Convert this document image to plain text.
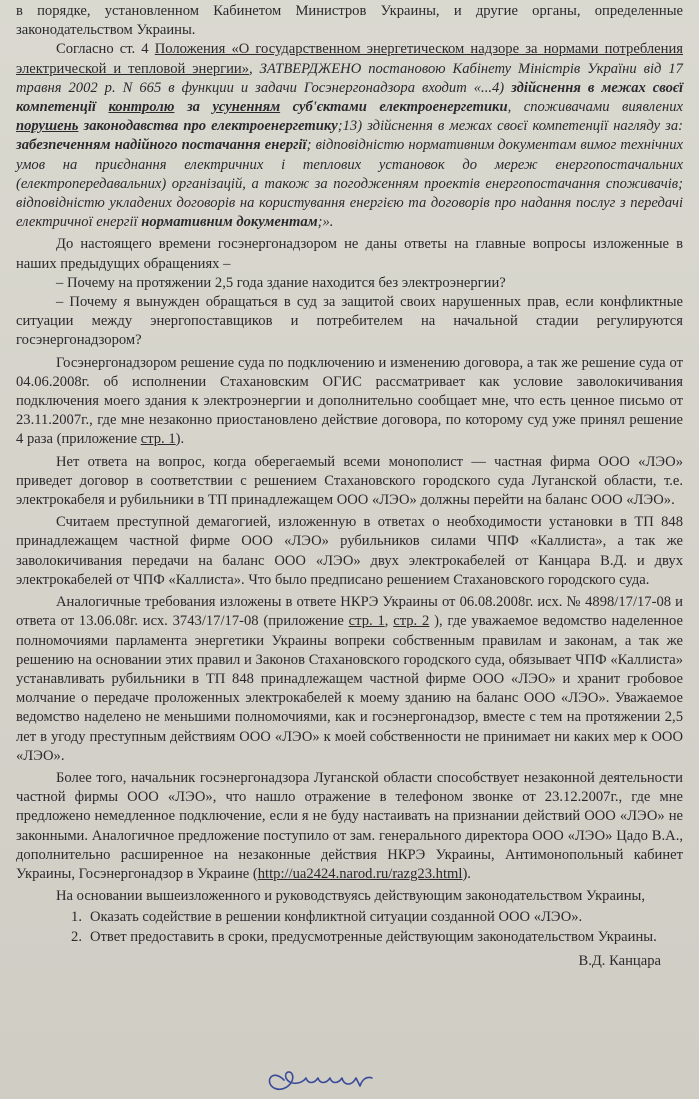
в порядке, установленном Кабинетом Министров Украины, и другие органы, определенные законодательством Украины.

Согласно ст. 4 Положения «О государственном энергетическом надзоре за нормами потребления электрической и тепловой энергии», ЗАТВЕРДЖЕНО постановою Кабінету Міністрів України від 17 травня 2002 р. N 665 в функции и задачи Госэнергонадзора входит «...4) здійснення в межах своєї компетенції контролю за усуненням суб'єктами електроенергетики, споживачами виявлених порушень законодавства про електроенергетику;13) здійснення в межах своєї компетенції нагляду за: забезпеченням надійного постачання енергії; відповідністю нормативним документам вимог технічних умов на приєднання електричних і теплових установок до мереж енергопостачальних (електропередавальних) організацій, а також за погодженням проектів енергопостачання споживачів; відповідністю укладених договорів на користування енергією та договорів про надання послуг з передачі електричної енергії нормативним документам;».

До настоящего времени госэнергонадзором не даны ответы на главные вопросы изложенные в наших предыдущих обращениях –

– Почему на протяжении 2,5 года здание находится без электроэнергии?

– Почему я вынужден обращаться в суд за защитой своих нарушенных прав, если конфликтные ситуации между энергопоставщиков и потребителем на начальной стадии регулируются госэнергонадзором?

Госэнергонадзором решение суда по подключению и изменению договора, а так же решение суда от 04.06.2008г. об исполнении Стахановским ОГИС рассматривает как условие заволокичивания подключения моего здания к электроэнергии и дополнительно сообщает мне, что есть ценное письмо от 23.11.2007г., где мне незаконно приостановлено действие договора, по которому суд уже принял решение 4 раза (приложение стр. 1).

Нет ответа на вопрос, когда оберегаемый всеми монополист — частная фирма ООО «ЛЭО» приведет договор в соответствии с решением Стахановского городского суда Луганской области, т.е. электрокабеля и рубильники в ТП принадлежащем ООО «ЛЭО» должны перейти на баланс ООО «ЛЭО».

Считаем преступной демагогией, изложенную в ответах о необходимости установки в ТП 848 принадлежащем частной фирме ООО «ЛЭО» рубильников силами ЧПФ «Каллиста», а так же заволокичивания передачи на баланс ООО «ЛЭО» двух электрокабелей от Канцара В.Д. и двух электрокабелей от ЧПФ «Каллиста». Что было предписано решением Стахановского городского суда.

Аналогичные требования изложены в ответе НКРЭ Украины от 06.08.2008г. исх. № 4898/17/17-08 и ответа от 13.06.08г. исх. 3743/17/17-08 (приложение стр. 1, стр. 2 ), где уважаемое ведомство наделенное полномочиями парламента энергетики Украины вопреки собственным правилам и законам, а так же решению на основании этих правил и Законов Стахановского городского суда, обязывает ЧПФ «Каллиста» устанавливать рубильники в ТП 848 принадлежащем частной фирме ООО «ЛЭО» и хранит гробовое молчание о передаче проложенных электрокабелей к моему зданию на баланс ООО «ЛЭО». Уважаемое ведомство наделено не меньшими полномочиями, как и госэнергонадзор, вместе с тем на протяжении 2,5 лет в угоду преступным действиям ООО «ЛЭО» к моей собственности не принимает ни каких мер к ООО «ЛЭО».

Более того, начальник госэнергонадзора Луганской области способствует незаконной деятельности частной фирмы ООО «ЛЭО», что нашло отражение в телефоном звонке от 23.12.2007г., где мне предложено немедленное подключение, если я не буду настаивать на признании действий ООО «ЛЭО» не законными. Аналогичное предложение поступило от зам. генерального директора ООО «ЛЭО» Цадо В.А., дополнительно расширенное на незаконные действия НКРЭ Украины, Антимонопольный кабинет Украины, Госэнергонадзор в Украине (http://ua2424.narod.ru/razg23.html).

На основании вышеизложенного и руководствуясь действующим законодательством Украины,

1. Оказать содействие в решении конфликтной ситуации созданной ООО «ЛЭО».
2. Ответ предоставить в сроки, предусмотренные действующим законодательством Украины.
В.Д. Канцара
